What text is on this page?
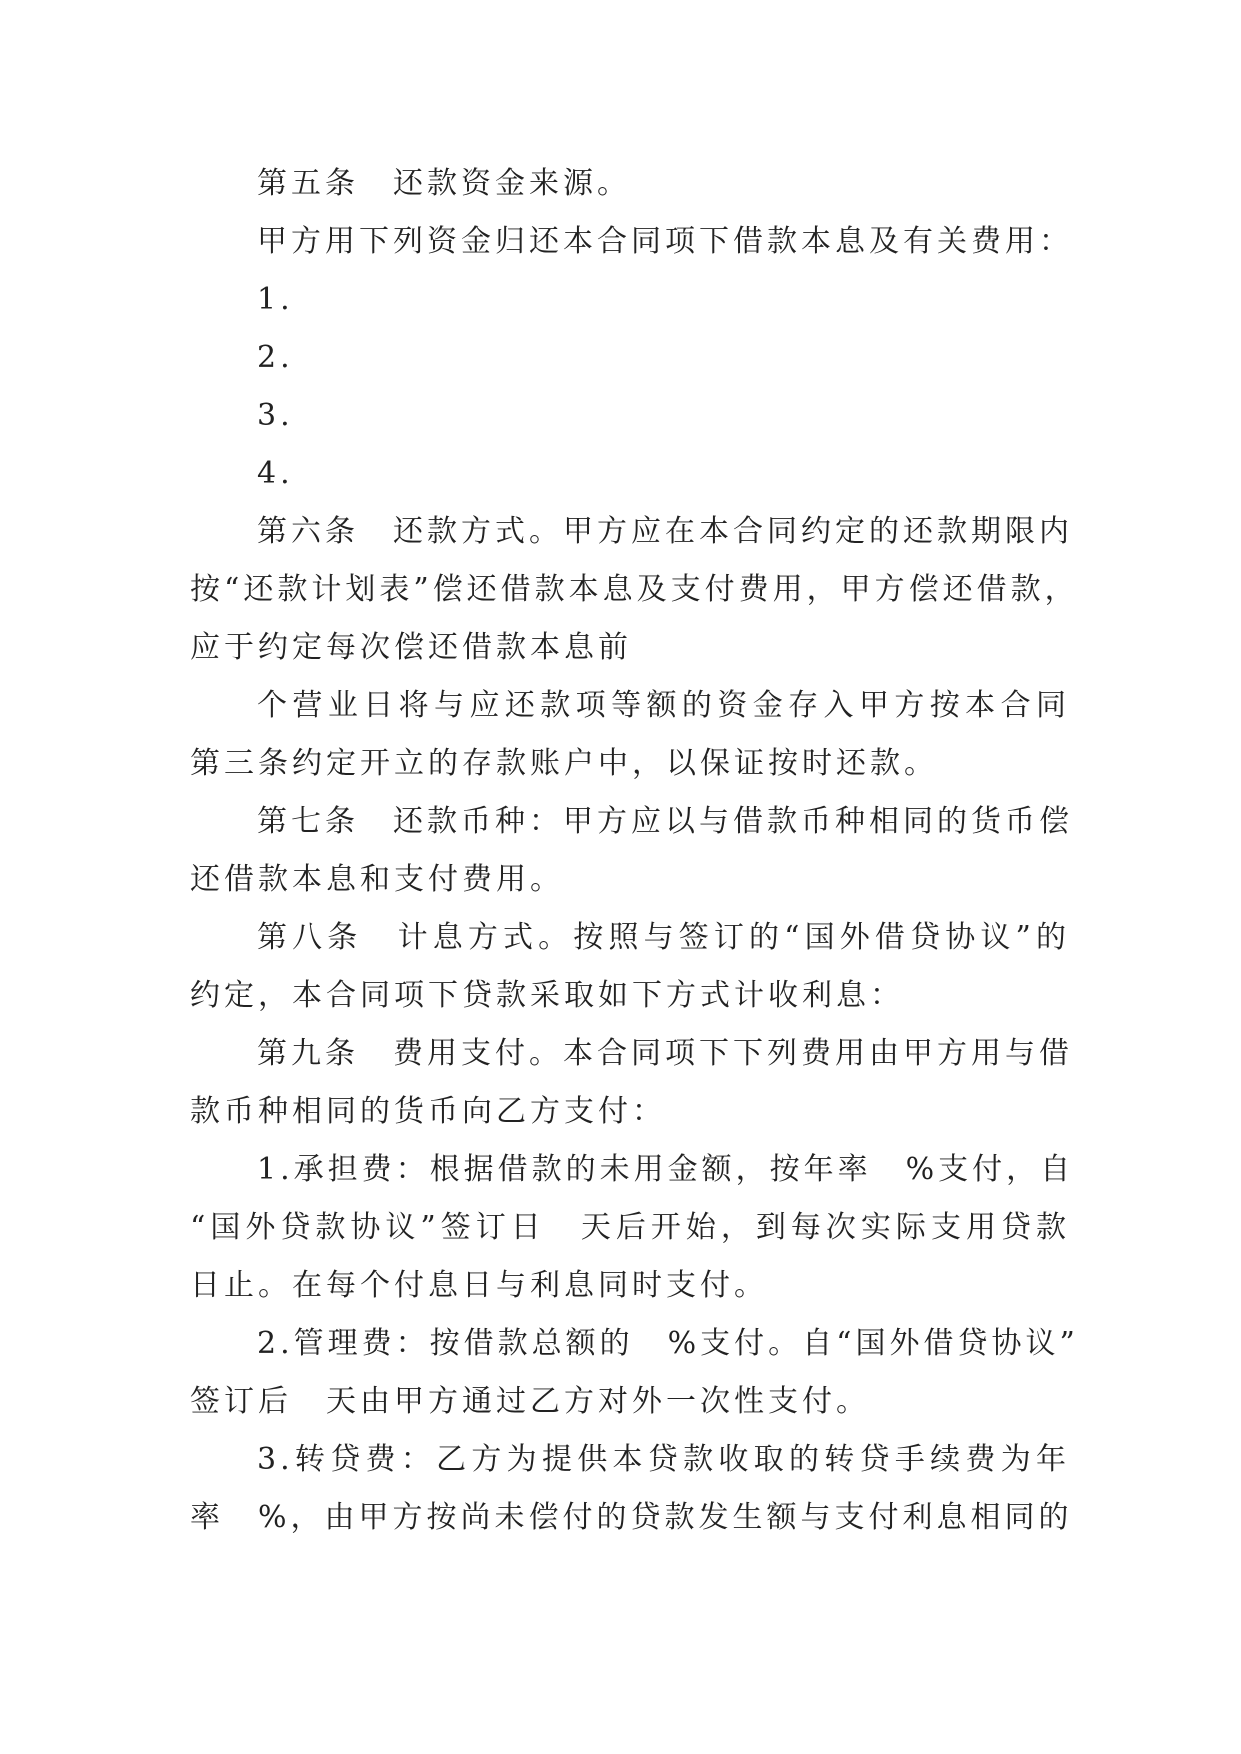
第五条　还款资金来源。
甲方用下列资金归还本合同项下借款本息及有关费用：
1.
2.
3.
4.
第六条　还款方式。甲方应在本合同约定的还款期限内
按“还款计划表”偿还借款本息及支付费用，甲方偿还借款，
应于约定每次偿还借款本息前
个营业日将与应还款项等额的资金存入甲方按本合同
第三条约定开立的存款账户中，以保证按时还款。
第七条　还款币种：甲方应以与借款币种相同的货币偿
还借款本息和支付费用。
第八条　计息方式。按照与签订的“国外借贷协议”的
约定，本合同项下贷款采取如下方式计收利息：
第九条　费用支付。本合同项下下列费用由甲方用与借
款币种相同的货币向乙方支付：
1.承担费：根据借款的未用金额，按年率　%支付，自
“国外贷款协议”签订日　天后开始，到每次实际支用贷款
日止。在每个付息日与利息同时支付。
2.管理费：按借款总额的　%支付。自“国外借贷协议”
签订后　天由甲方通过乙方对外一次性支付。
3.转贷费：乙方为提供本贷款收取的转贷手续费为年
率　%，由甲方按尚未偿付的贷款发生额与支付利息相同的
